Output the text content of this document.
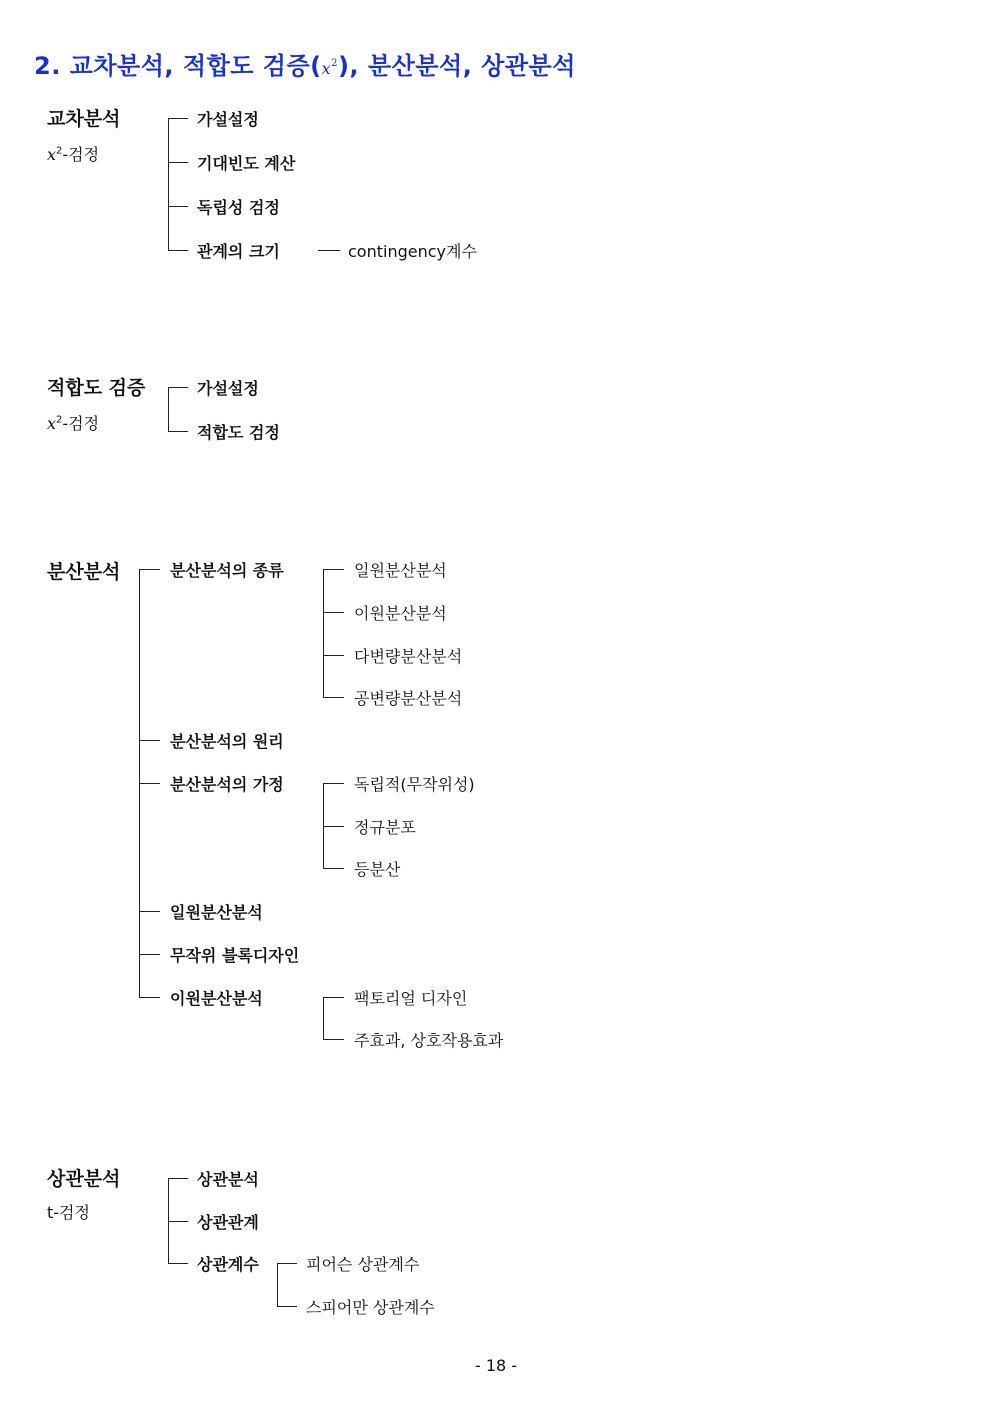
2. 교차분석, 적합도 검증$(x^2)$, 분산분석, 상관분석
교차분석
$x^2-$검정
가설설정
기대빈도 계산
독립성 검정
관계의 크기	contingency계수
적합도 검증
$x^2-$검정
가설설정
적합도 검정
분산분석	분산분석의 종류
분산분석의 원리
분산분석의 가정
일원분산분석
무작위 블록디자인
이원분산분석
일원분산분석
이원분산분석
다변량분산분석
공변량분산분석
독립적(무작위성)
정규분포
등분산
팩토리얼 디자인
주효과, 상호작용효과
상관분석
t-검정
상관분석
상관관계
상관계수	피어슨 상관계수
스피어만 상관계수
- 18 -
